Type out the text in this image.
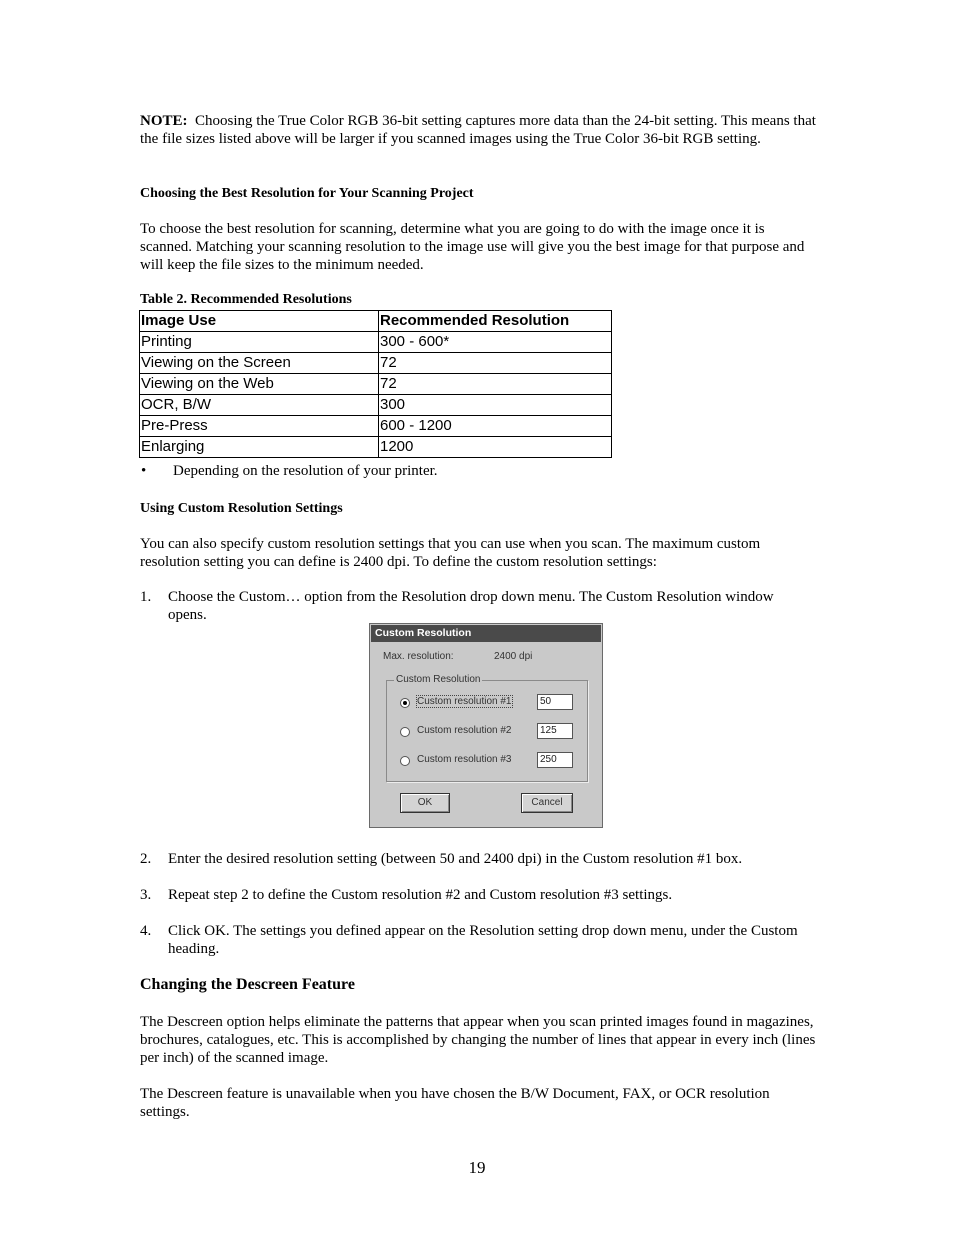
NOTE: Choosing the True Color RGB 36-bit setting captures more data than the 24-bit setting. This means that the file sizes listed above will be larger if you scanned images using the True Color 36-bit RGB setting.
Choosing the Best Resolution for Your Scanning Project
To choose the best resolution for scanning, determine what you are going to do with the image once it is scanned. Matching your scanning resolution to the image use will give you the best image for that purpose and will keep the file sizes to the minimum needed.
Table 2. Recommended Resolutions
Image Use	Recommended Resolution
Printing	300 - 600*
Viewing on the Screen	72
Viewing on the Web	72
OCR, B/W	300
Pre-Press	600 - 1200
Enlarging	1200
• Depending on the resolution of your printer.
Using Custom Resolution Settings
You can also specify custom resolution settings that you can use when you scan. The maximum custom resolution setting you can define is 2400 dpi. To define the custom resolution settings:
1. Choose the Custom… option from the Resolution drop down menu. The Custom Resolution window opens.
Custom Resolution
Max. resolution:	2400 dpi
Custom Resolution
Custom resolution #1	50
Custom resolution #2	125
Custom resolution #3	250
OK	Cancel
2. Enter the desired resolution setting (between 50 and 2400 dpi) in the Custom resolution #1 box.
3. Repeat step 2 to define the Custom resolution #2 and Custom resolution #3 settings.
4. Click OK. The settings you defined appear on the Resolution setting drop down menu, under the Custom heading.
Changing the Descreen Feature
The Descreen option helps eliminate the patterns that appear when you scan printed images found in magazines, brochures, catalogues, etc. This is accomplished by changing the number of lines that appear in every inch (lines per inch) of the scanned image.
The Descreen feature is unavailable when you have chosen the B/W Document, FAX, or OCR resolution settings.
19
